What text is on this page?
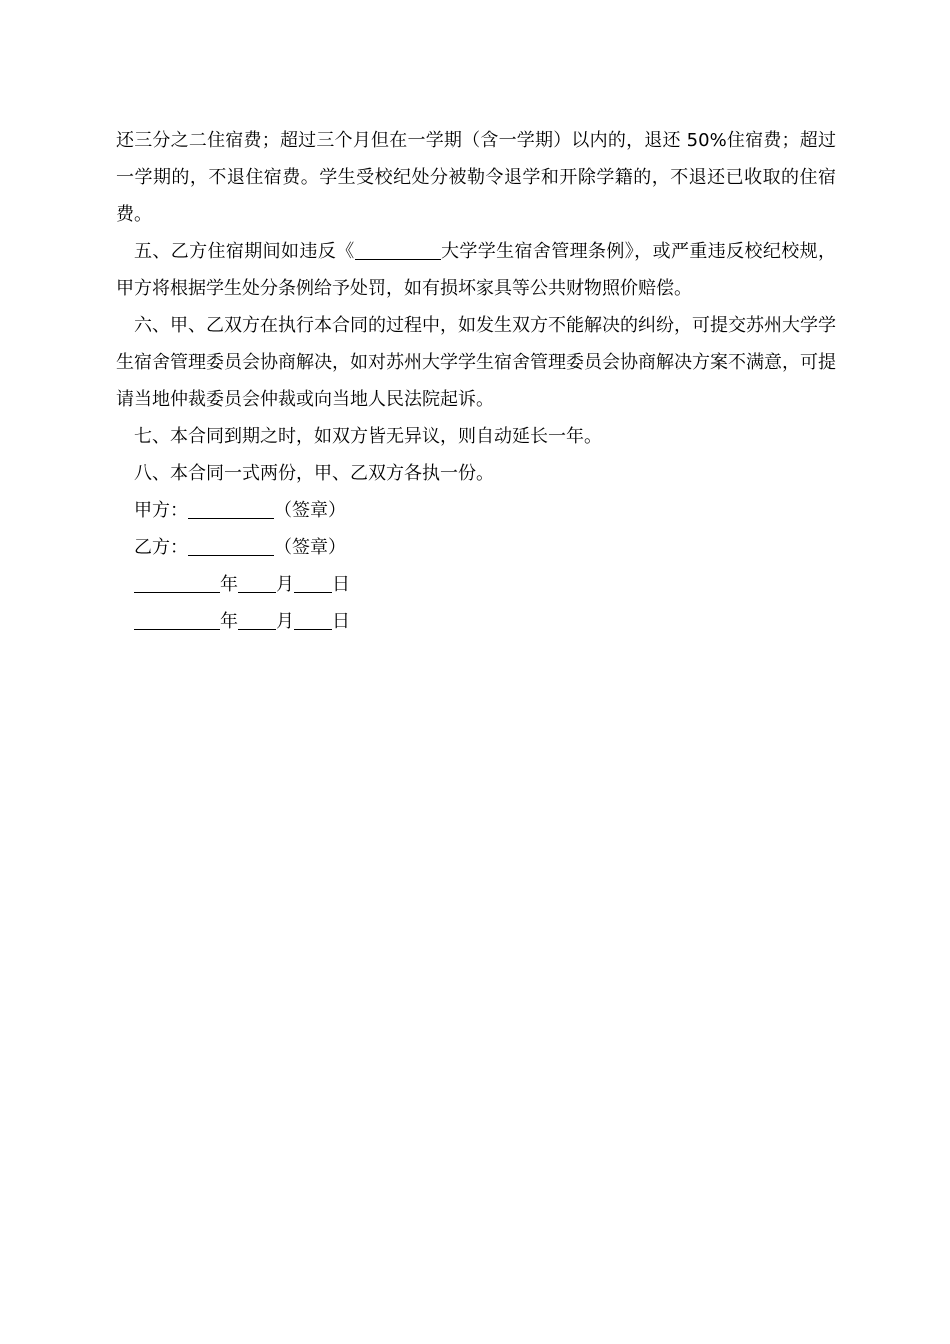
还三分之二住宿费；超过三个月但在一学期（含一学期）以内的，退还 50%住宿费；超过一学期的，不退住宿费。学生受校纪处分被勒令退学和开除学籍的，不退还已收取的住宿费。

五、乙方住宿期间如违反《	大学学生宿舍管理条例》，或严重违反校纪校规，甲方将根据学生处分条例给予处罚，如有损坏家具等公共财物照价赔偿。

六、甲、乙双方在执行本合同的过程中，如发生双方不能解决的纠纷，可提交苏州大学学生宿舍管理委员会协商解决，如对苏州大学学生宿舍管理委员会协商解决方案不满意，可提请当地仲裁委员会仲裁或向当地人民法院起诉。

七、本合同到期之时，如双方皆无异议，则自动延长一年。

八、本合同一式两份，甲、乙双方各执一份。

甲方：	（签章）
乙方：	（签章）
年 月 日
年 月 日
